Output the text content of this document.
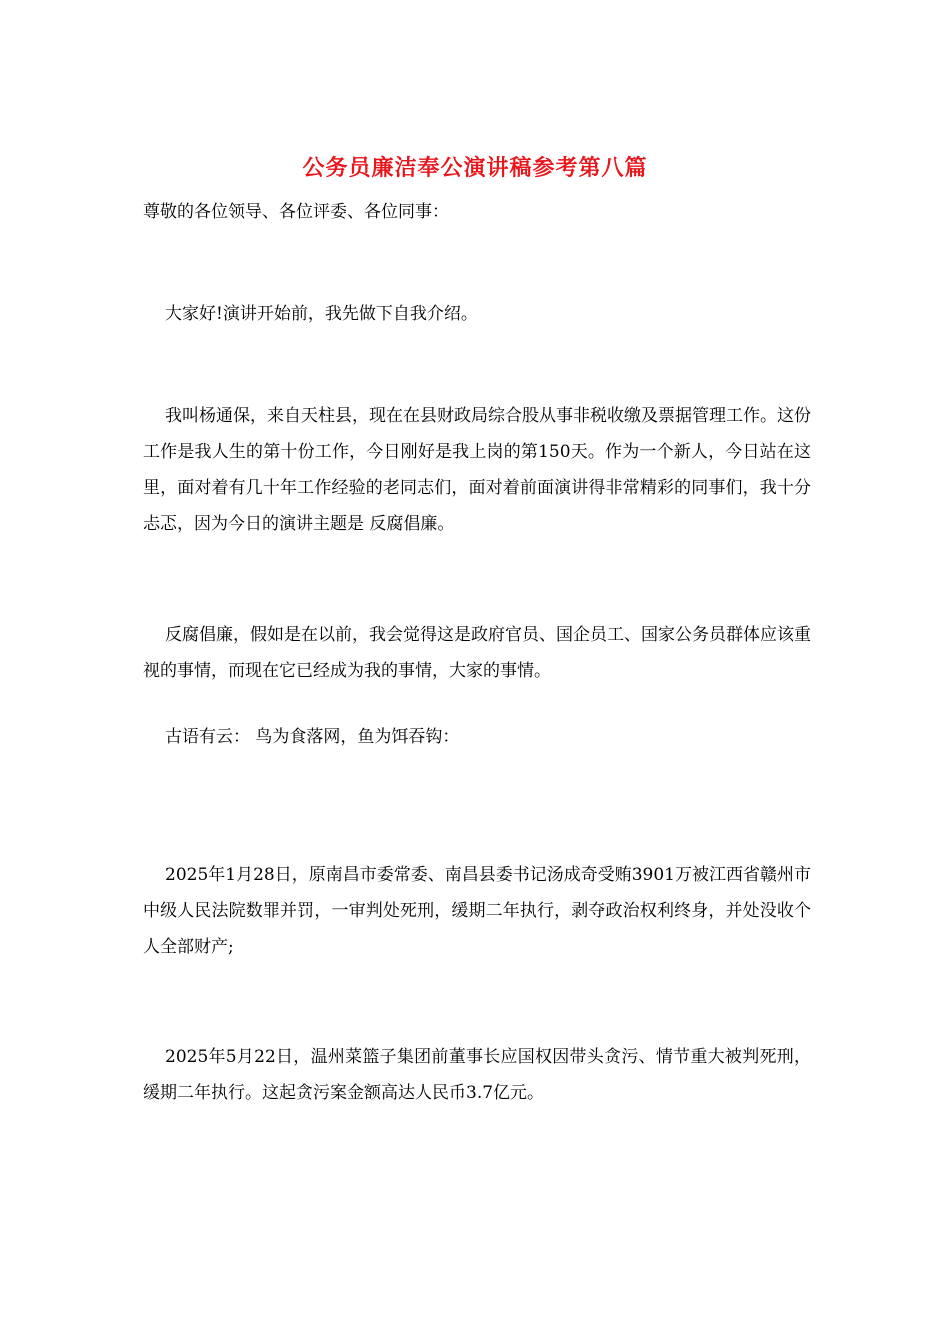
公务员廉洁奉公演讲稿参考第八篇

尊敬的各位领导、各位评委、各位同事：

大家好!演讲开始前，我先做下自我介绍。

我叫杨通保，来自天柱县，现在在县财政局综合股从事非税收缴及票据管理工作。这份工作是我人生的第十份工作，今日刚好是我上岗的第150天。作为一个新人，今日站在这里，面对着有几十年工作经验的老同志们，面对着前面演讲得非常精彩的同事们，我十分忐忑，因为今日的演讲主题是 反腐倡廉。

反腐倡廉，假如是在以前，我会觉得这是政府官员、国企员工、国家公务员群体应该重视的事情，而现在它已经成为我的事情，大家的事情。

古语有云： 鸟为食落网，鱼为饵吞钩：

2025年1月28日，原南昌市委常委、南昌县委书记汤成奇受贿3901万被江西省赣州市中级人民法院数罪并罚，一审判处死刑，缓期二年执行，剥夺政治权利终身，并处没收个人全部财产;

2025年5月22日，温州菜篮子集团前董事长应国权因带头贪污、情节重大被判死刑，缓期二年执行。这起贪污案金额高达人民币3.7亿元。
